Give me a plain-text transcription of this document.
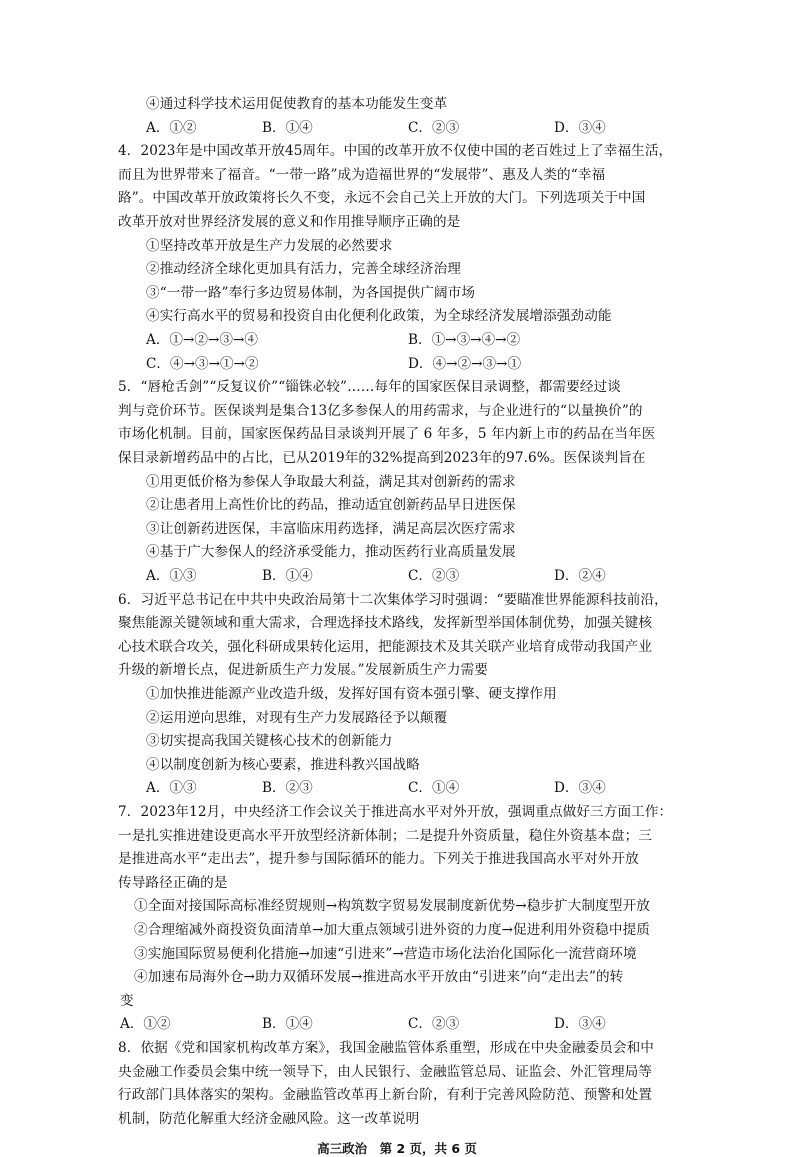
④通过科学技术运用促使教育的基本功能发生变革
A．①②	B．①④	C．②③	D．③④
4．2023年是中国改革开放45周年。中国的改革开放不仅使中国的老百姓过上了幸福生活，
而且为世界带来了福音。“一带一路”成为造福世界的“发展带”、惠及人类的“幸福
路”。中国改革开放政策将长久不变，永远不会自己关上开放的大门。下列选项关于中国
改革开放对世界经济发展的意义和作用推导顺序正确的是
①坚持改革开放是生产力发展的必然要求
②推动经济全球化更加具有活力，完善全球经济治理
③“一带一路”奉行多边贸易体制，为各国提供广阔市场
④实行高水平的贸易和投资自由化便利化政策，为全球经济发展增添强劲动能
A．①→②→③→④	B．①→③→④→②
C．④→③→①→②	D．④→②→③→①
5．“唇枪舌剑”“反复议价”“锱铢必较”……每年的国家医保目录调整，都需要经过谈
判与竞价环节。医保谈判是集合13亿多参保人的用药需求，与企业进行的“以量换价”的
市场化机制。目前，国家医保药品目录谈判开展了 6 年多，5 年内新上市的药品在当年医
保目录新增药品中的占比，已从2019年的32%提高到2023年的97.6%。医保谈判旨在
①用更低价格为参保人争取最大利益，满足其对创新药的需求
②让患者用上高性价比的药品，推动适宜创新药品早日进医保
③让创新药进医保，丰富临床用药选择，满足高层次医疗需求
④基于广大参保人的经济承受能力，推动医药行业高质量发展
A．①③	B．①④	C．②③	D．②④
6．习近平总书记在中共中央政治局第十二次集体学习时强调：“要瞄准世界能源科技前沿，
聚焦能源关键领域和重大需求，合理选择技术路线，发挥新型举国体制优势，加强关键核
心技术联合攻关，强化科研成果转化运用，把能源技术及其关联产业培育成带动我国产业
升级的新增长点，促进新质生产力发展。”发展新质生产力需要
①加快推进能源产业改造升级，发挥好国有资本强引擎、硬支撑作用
②运用逆向思维，对现有生产力发展路径予以颠覆
③切实提高我国关键核心技术的创新能力
④以制度创新为核心要素，推进科教兴国战略
A．①③	B．②③	C．①④	D．③④
7．2023年12月，中央经济工作会议关于推进高水平对外开放，强调重点做好三方面工作：
一是扎实推进建设更高水平开放型经济新体制；二是提升外资质量，稳住外资基本盘；三
是推进高水平“走出去”，提升参与国际循环的能力。下列关于推进我国高水平对外开放
传导路径正确的是
①全面对接国际高标准经贸规则→构筑数字贸易发展制度新优势→稳步扩大制度型开放
②合理缩减外商投资负面清单→加大重点领域引进外资的力度→促进利用外资稳中提质
③实施国际贸易便利化措施→加速“引进来”→营造市场化法治化国际化一流营商环境
④加速布局海外仓→助力双循环发展→推进高水平开放由“引进来”向“走出去”的转
变
A．①②	B．①④	C．②③	D．③④
8．依据《党和国家机构改革方案》，我国金融监管体系重塑，形成在中央金融委员会和中
央金融工作委员会集中统一领导下，由人民银行、金融监管总局、证监会、外汇管理局等
行政部门具体落实的架构。金融监管改革再上新台阶，有利于完善风险防范、预警和处置
机制，防范化解重大经济金融风险。这一改革说明
高三政治　第 2 页，共 6 页
